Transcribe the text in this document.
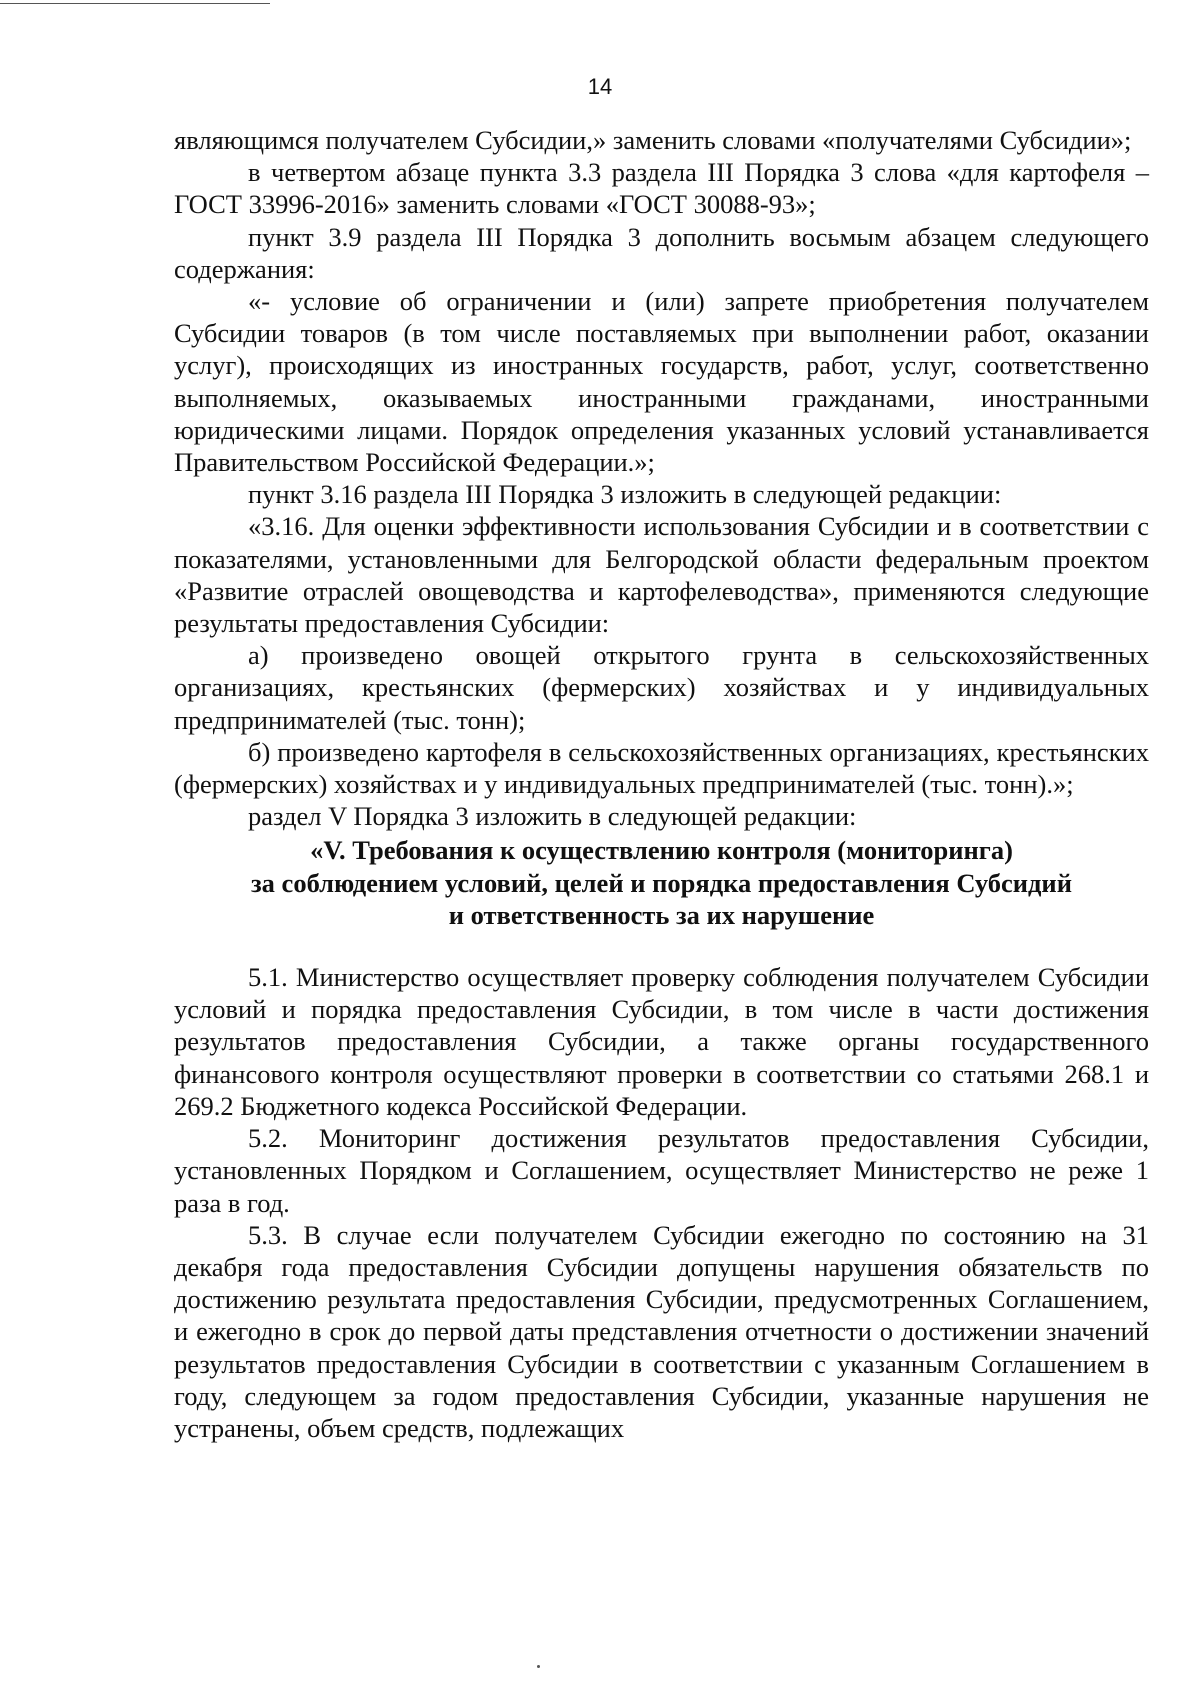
14

являющимся получателем Субсидии,» заменить словами «получателями Субсидии»;

в четвертом абзаце пункта 3.3 раздела III Порядка 3 слова «для картофеля – ГОСТ 33996-2016» заменить словами «ГОСТ 30088-93»;

пункт 3.9 раздела III Порядка 3 дополнить восьмым абзацем следующего содержания:

«- условие об ограничении и (или) запрете приобретения получателем Субсидии товаров (в том числе поставляемых при выполнении работ, оказании услуг), происходящих из иностранных государств, работ, услуг, соответственно выполняемых, оказываемых иностранными гражданами, иностранными юридическими лицами. Порядок определения указанных условий устанавливается Правительством Российской Федерации.»;

пункт 3.16 раздела III Порядка 3 изложить в следующей редакции:

«3.16. Для оценки эффективности использования Субсидии и в соответствии с показателями, установленными для Белгородской области федеральным проектом «Развитие отраслей овощеводства и картофелеводства», применяются следующие результаты предоставления Субсидии:

а) произведено овощей открытого грунта в сельскохозяйственных организациях, крестьянских (фермерских) хозяйствах и у индивидуальных предпринимателей (тыс. тонн);

б) произведено картофеля в сельскохозяйственных организациях, крестьянских (фермерских) хозяйствах и у индивидуальных предпринимателей (тыс. тонн).»;

раздел V Порядка 3 изложить в следующей редакции:

«V. Требования к осуществлению контроля (мониторинга)
за соблюдением условий, целей и порядка предоставления Субсидий
и ответственность за их нарушение

5.1. Министерство осуществляет проверку соблюдения получателем Субсидии условий и порядка предоставления Субсидии, в том числе в части достижения результатов предоставления Субсидии, а также органы государственного финансового контроля осуществляют проверки в соответствии со статьями 268.1 и 269.2 Бюджетного кодекса Российской Федерации.

5.2. Мониторинг достижения результатов предоставления Субсидии, установленных Порядком и Соглашением, осуществляет Министерство не реже 1 раза в год.

5.3. В случае если получателем Субсидии ежегодно по состоянию на 31 декабря года предоставления Субсидии допущены нарушения обязательств по достижению результата предоставления Субсидии, предусмотренных Соглашением, и ежегодно в срок до первой даты представления отчетности о достижении значений результатов предоставления Субсидии в соответствии с указанным Соглашением в году, следующем за годом предоставления Субсидии, указанные нарушения не устранены, объем средств, подлежащих
